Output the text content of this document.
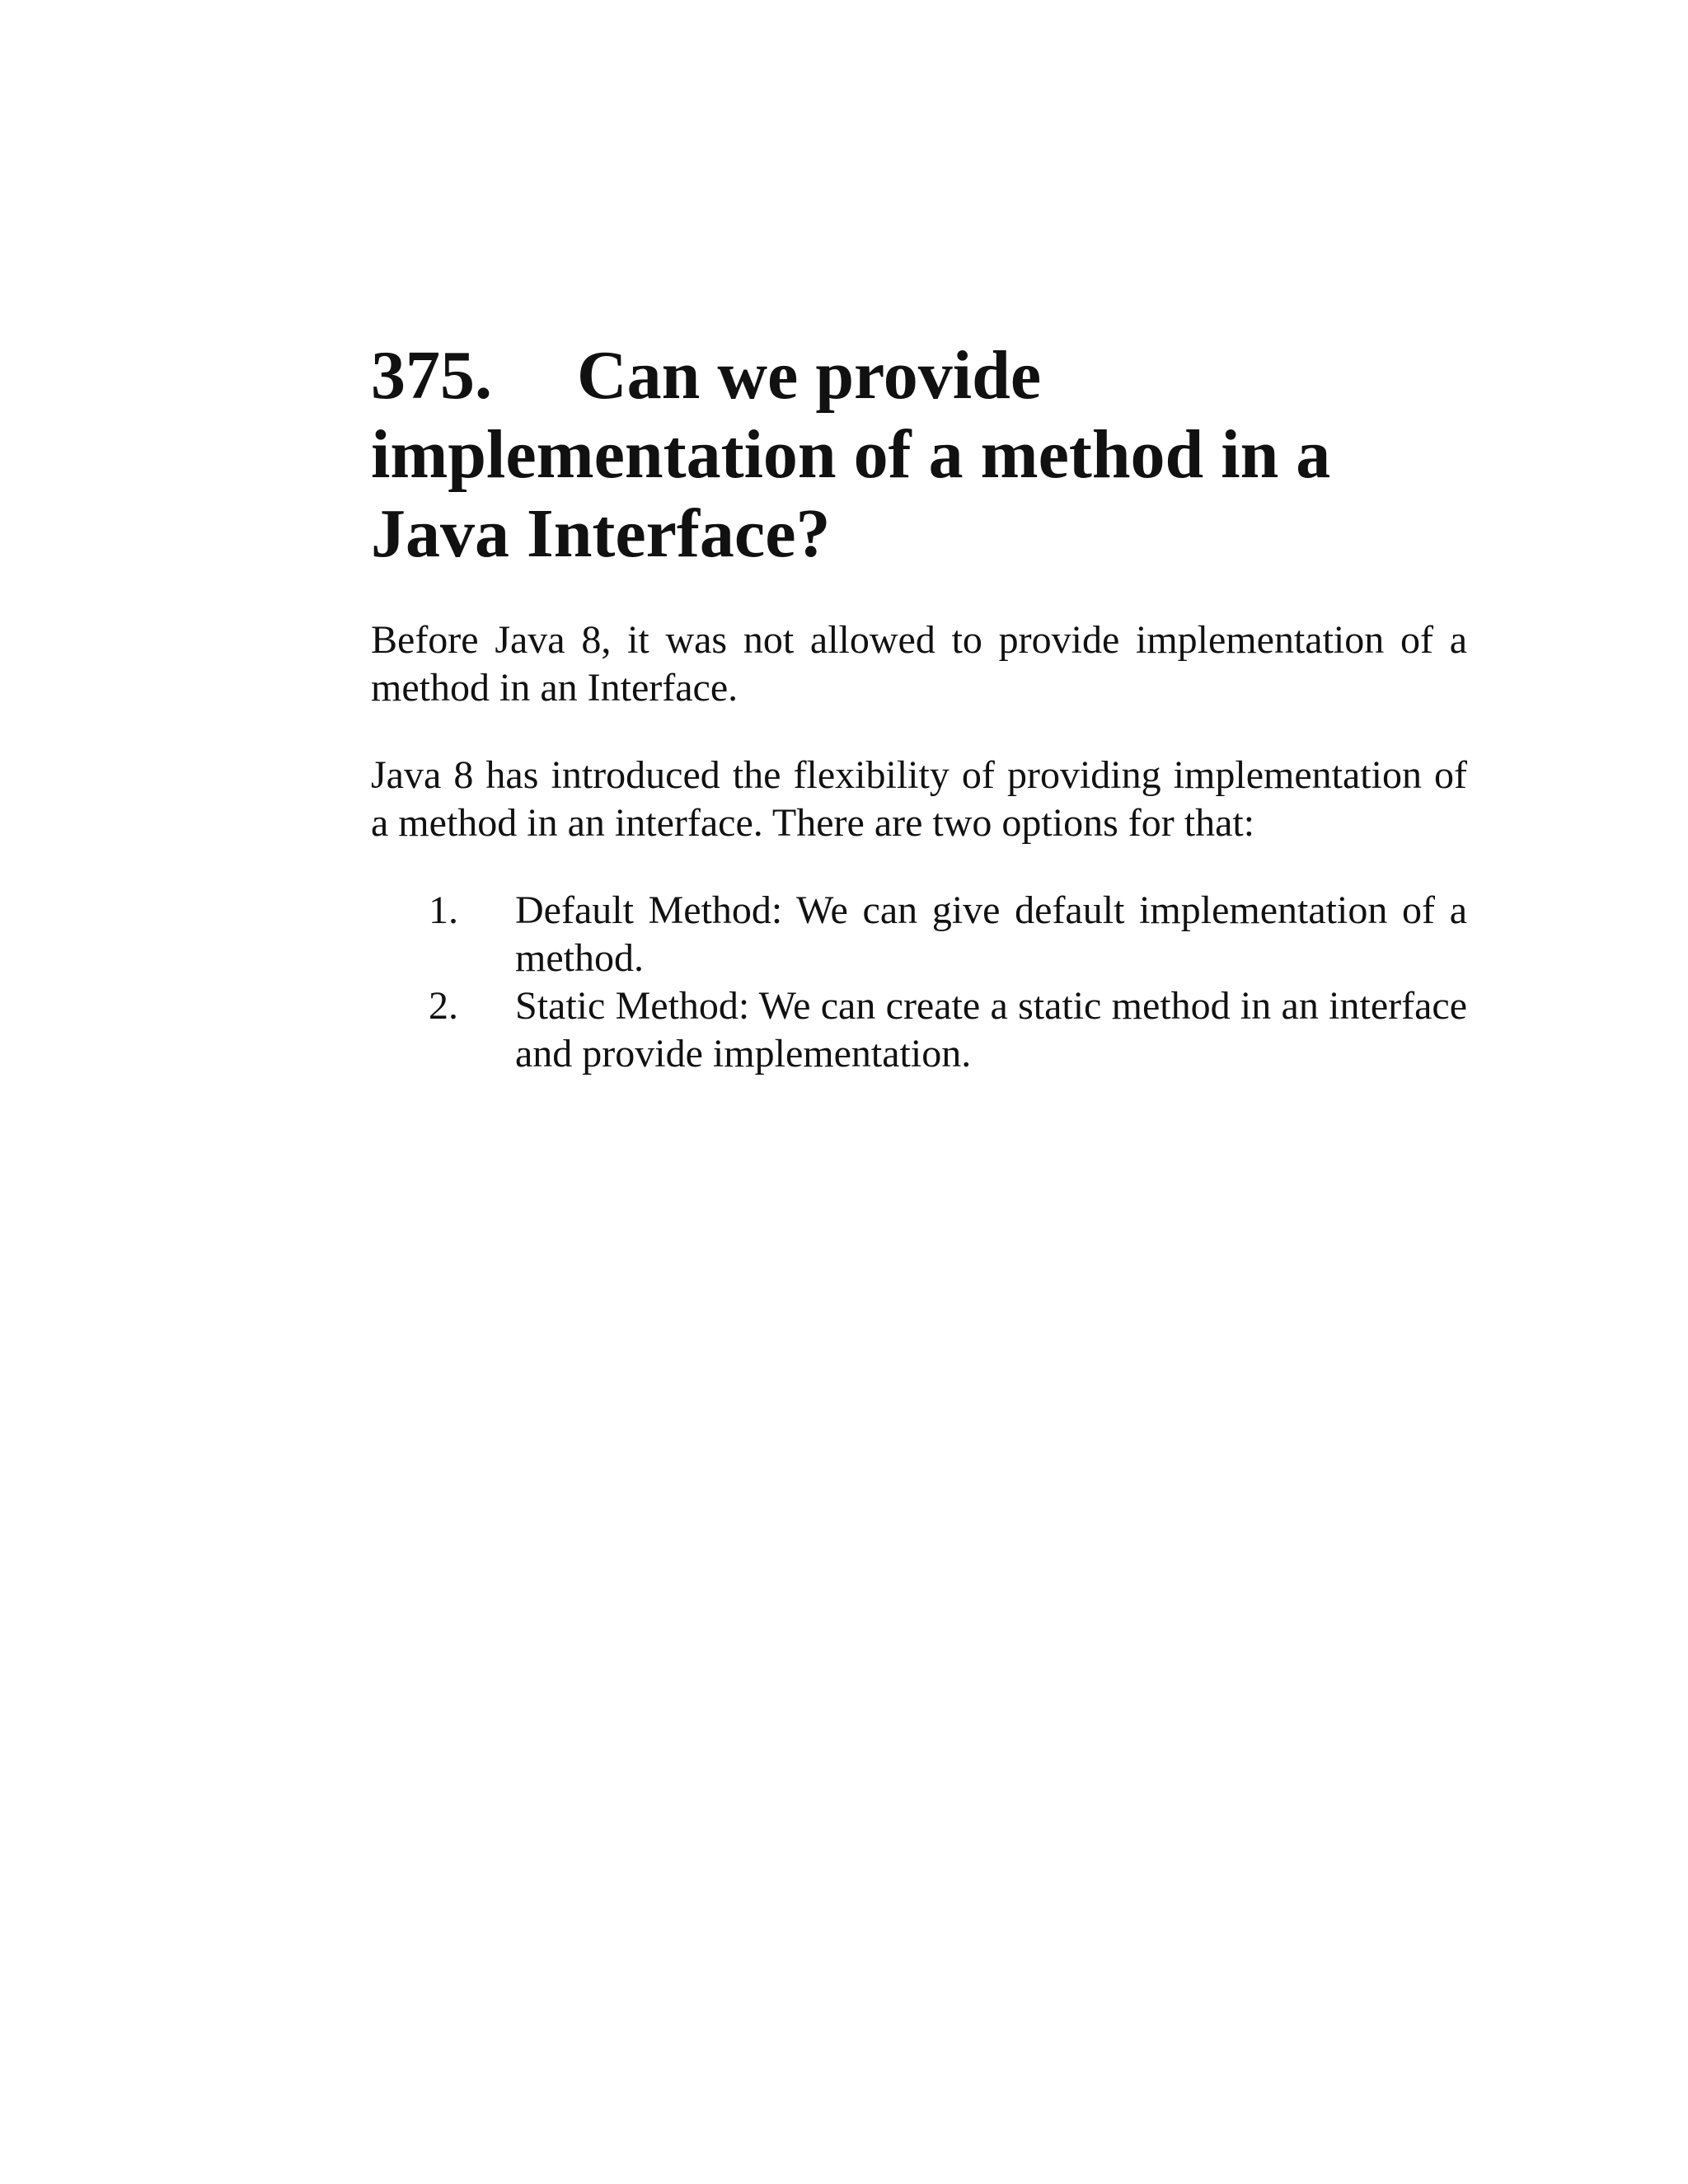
375. Can we provide implementation of a method in a Java Interface?

Before Java 8, it was not allowed to provide implementation of a method in an Interface.

Java 8 has introduced the flexibility of providing implementation of a method in an interface. There are two options for that:

1.	Default Method: We can give default implementation of a method.
2.	Static Method: We can create a static method in an interface and provide implementation.
